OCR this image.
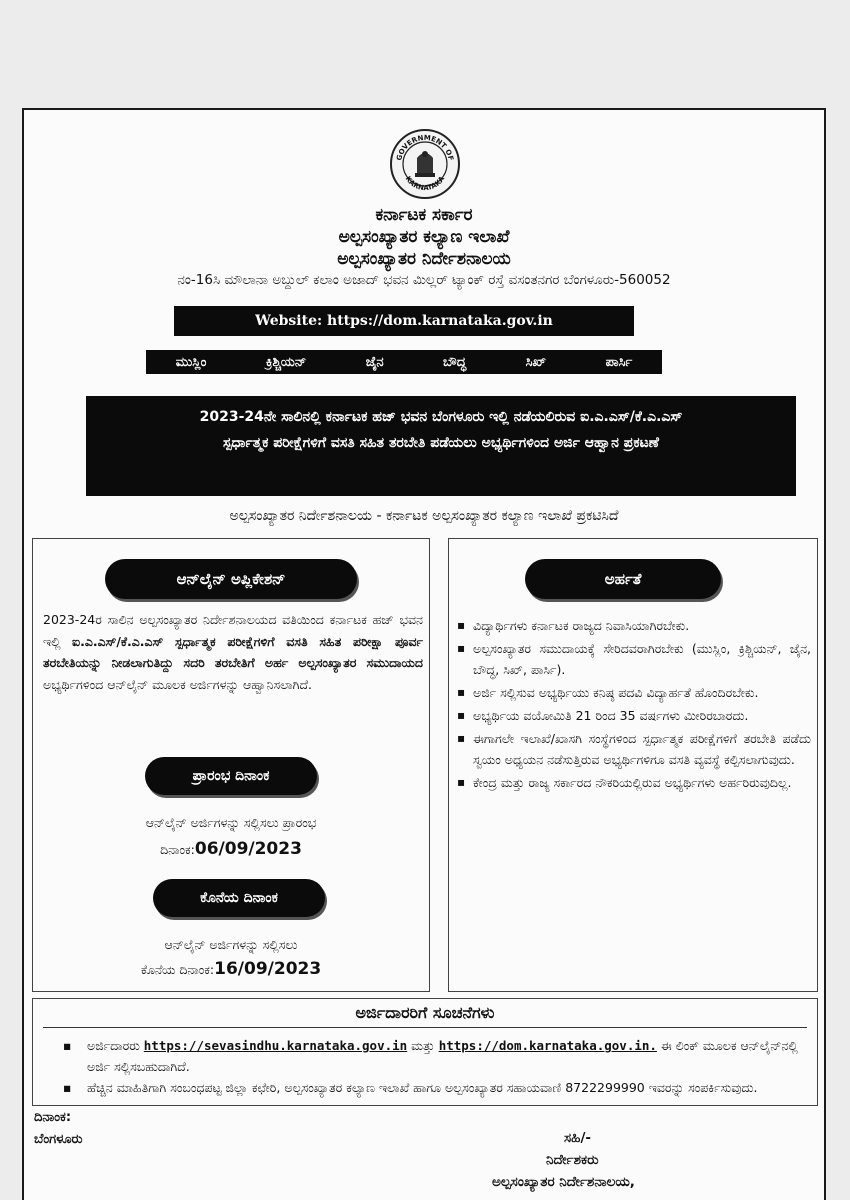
GOVERNMENT OF
KARNATAKA
ಕರ್ನಾಟಕ ಸರ್ಕಾರ
ಅಲ್ಪಸಂಖ್ಯಾತರ ಕಲ್ಯಾಣ ಇಲಾಖೆ
ಅಲ್ಪಸಂಖ್ಯಾತರ ನಿರ್ದೇಶನಾಲಯ
ನಂ-16ಸಿ ಮೌಲಾನಾ ಅಬ್ದುಲ್ ಕಲಾಂ ಅಜಾದ್ ಭವನ ಮಿಲ್ಲರ್ ಟ್ಯಾಂಕ್ ರಸ್ತೆ ವಸಂತನಗರ ಬೆಂಗಳೂರು-560052
Website: https://dom.karnataka.gov.in
ಮುಸ್ಲಿಂ	ಕ್ರಿಶ್ಚಿಯನ್	ಜೈನ	ಬೌದ್ಧ	ಸಿಖ್	ಪಾರ್ಸಿ
2023-24ನೇ ಸಾಲಿನಲ್ಲಿ ಕರ್ನಾಟಕ ಹಜ್ ಭವನ ಬೆಂಗಳೂರು ಇಲ್ಲಿ ನಡೆಯಲಿರುವ ಐ.ಎ.ಎಸ್/ಕೆ.ಎ.ಎಸ್
ಸ್ಪರ್ಧಾತ್ಮಕ ಪರೀಕ್ಷೆಗಳಿಗೆ ವಸತಿ ಸಹಿತ ತರಬೇತಿ ಪಡೆಯಲು ಅಭ್ಯರ್ಥಿಗಳಿಂದ ಅರ್ಜಿ ಆಹ್ವಾನ ಪ್ರಕಟಣೆ
ಅಲ್ಪಸಂಖ್ಯಾತರ ನಿರ್ದೇಶನಾಲಯ - ಕರ್ನಾಟಕ ಅಲ್ಪಸಂಖ್ಯಾತರ ಕಲ್ಯಾಣ ಇಲಾಖೆ ಪ್ರಕಟಿಸಿದೆ
ಆನ್‌ಲೈನ್ ಅಪ್ಲಿಕೇಶನ್
2023-24ರ ಸಾಲಿನ ಅಲ್ಪಸಂಖ್ಯಾತರ ನಿರ್ದೇಶನಾಲಯದ ವತಿಯಿಂದ ಕರ್ನಾಟಕ ಹಜ್ ಭವನ ಇಲ್ಲಿ ಐ.ಎ.ಎಸ್/ಕೆ.ಎ.ಎಸ್ ಸ್ಪರ್ಧಾತ್ಮಕ ಪರೀಕ್ಷೆಗಳಿಗೆ ವಸತಿ ಸಹಿತ ಪರೀಕ್ಷಾ ಪೂರ್ವ ತರಬೇತಿಯನ್ನು ನೀಡಲಾಗುತಿದ್ದು ಸದರಿ ತರಬೇತಿಗೆ ಅರ್ಹ ಅಲ್ಪಸಂಖ್ಯಾತರ ಸಮುದಾಯದ ಅಭ್ಯರ್ಥಿಗಳಿಂದ ಆನ್‌ಲೈನ್ ಮೂಲಕ ಅರ್ಜಿಗಳನ್ನು ಆಹ್ವಾನಿಸಲಾಗಿದೆ.
ಪ್ರಾರಂಭ ದಿನಾಂಕ
ಆನ್‌ಲೈನ್ ಅರ್ಜಿಗಳನ್ನು ಸಲ್ಲಿಸಲು ಪ್ರಾರಂಭ
ದಿನಾಂಕ:06/09/2023
ಕೊನೆಯ ದಿನಾಂಕ
ಆನ್‌ಲೈನ್ ಅರ್ಜಿಗಳನ್ನು ಸಲ್ಲಿಸಲು
ಕೊನೆಯ ದಿನಾಂಕ:16/09/2023
ಅರ್ಹತೆ
▪ ವಿದ್ಯಾರ್ಥಿಗಳು ಕರ್ನಾಟಕ ರಾಜ್ಯದ ನಿವಾಸಿಯಾಗಿರಬೇಕು.
▪ ಅಲ್ಪಸಂಖ್ಯಾತರ ಸಮುದಾಯಕ್ಕೆ ಸೇರಿದವರಾಗಿರಬೇಕು (ಮುಸ್ಲಿಂ, ಕ್ರಿಶ್ಚಿಯನ್, ಜೈನ, ಬೌದ್ಧ, ಸಿಖ್, ಪಾರ್ಸಿ).
▪ ಅರ್ಜಿ ಸಲ್ಲಿಸುವ ಅಭ್ಯರ್ಥಿಯು ಕನಿಷ್ಠ ಪದವಿ ವಿದ್ಯಾರ್ಹತೆ ಹೊಂದಿರಬೇಕು.
▪ ಅಭ್ಯರ್ಥಿಯ ವಯೋಮಿತಿ 21 ರಿಂದ 35 ವರ್ಷಗಳು ಮೀರಿರಬಾರದು.
▪ ಈಗಾಗಲೇ ಇಲಾಖೆ/ಖಾಸಗಿ ಸಂಸ್ಥೆಗಳಿಂದ ಸ್ಪರ್ಧಾತ್ಮಕ ಪರೀಕ್ಷೆಗಳಿಗೆ ತರಬೇತಿ ಪಡೆದು ಸ್ವಯಂ ಅಧ್ಯಯನ ನಡೆಸುತ್ತಿರುವ ಅಭ್ಯರ್ಥಿಗಳಿಗೂ ವಸತಿ ವ್ಯವಸ್ಥೆ ಕಲ್ಪಿಸಲಾಗುವುದು.
▪ ಕೇಂದ್ರ ಮತ್ತು ರಾಜ್ಯ ಸರ್ಕಾರದ ನೌಕರಿಯಲ್ಲಿರುವ ಅಭ್ಯರ್ಥಿಗಳು ಅರ್ಹರಿರುವುದಿಲ್ಲ.
ಅರ್ಜಿದಾರರಿಗೆ ಸೂಚನೆಗಳು
▪ ಅರ್ಜಿದಾರರು https://sevasindhu.karnataka.gov.in ಮತ್ತು https://dom.karnataka.gov.in. ಈ ಲಿಂಕ್ ಮೂಲಕ ಆನ್‌ಲೈನ್‌ನಲ್ಲಿ ಅರ್ಜಿ ಸಲ್ಲಿಸಬಹುದಾಗಿದೆ.
▪ ಹೆಚ್ಚಿನ ಮಾಹಿತಿಗಾಗಿ ಸಂಬಂಧಪಟ್ಟ ಜಿಲ್ಲಾ ಕಛೇರಿ, ಅಲ್ಪಸಂಖ್ಯಾತರ ಕಲ್ಯಾಣ ಇಲಾಖೆ ಹಾಗೂ ಅಲ್ಪಸಂಖ್ಯಾತರ ಸಹಾಯವಾಣಿ 8722299990 ಇವರನ್ನು ಸಂಪರ್ಕಿಸುವುದು.
ದಿನಾಂಕ:
ಬೆಂಗಳೂರು	ಸಹಿ/-
ನಿರ್ದೇಶಕರು
ಅಲ್ಪಸಂಖ್ಯಾತರ ನಿರ್ದೇಶನಾಲಯ,
